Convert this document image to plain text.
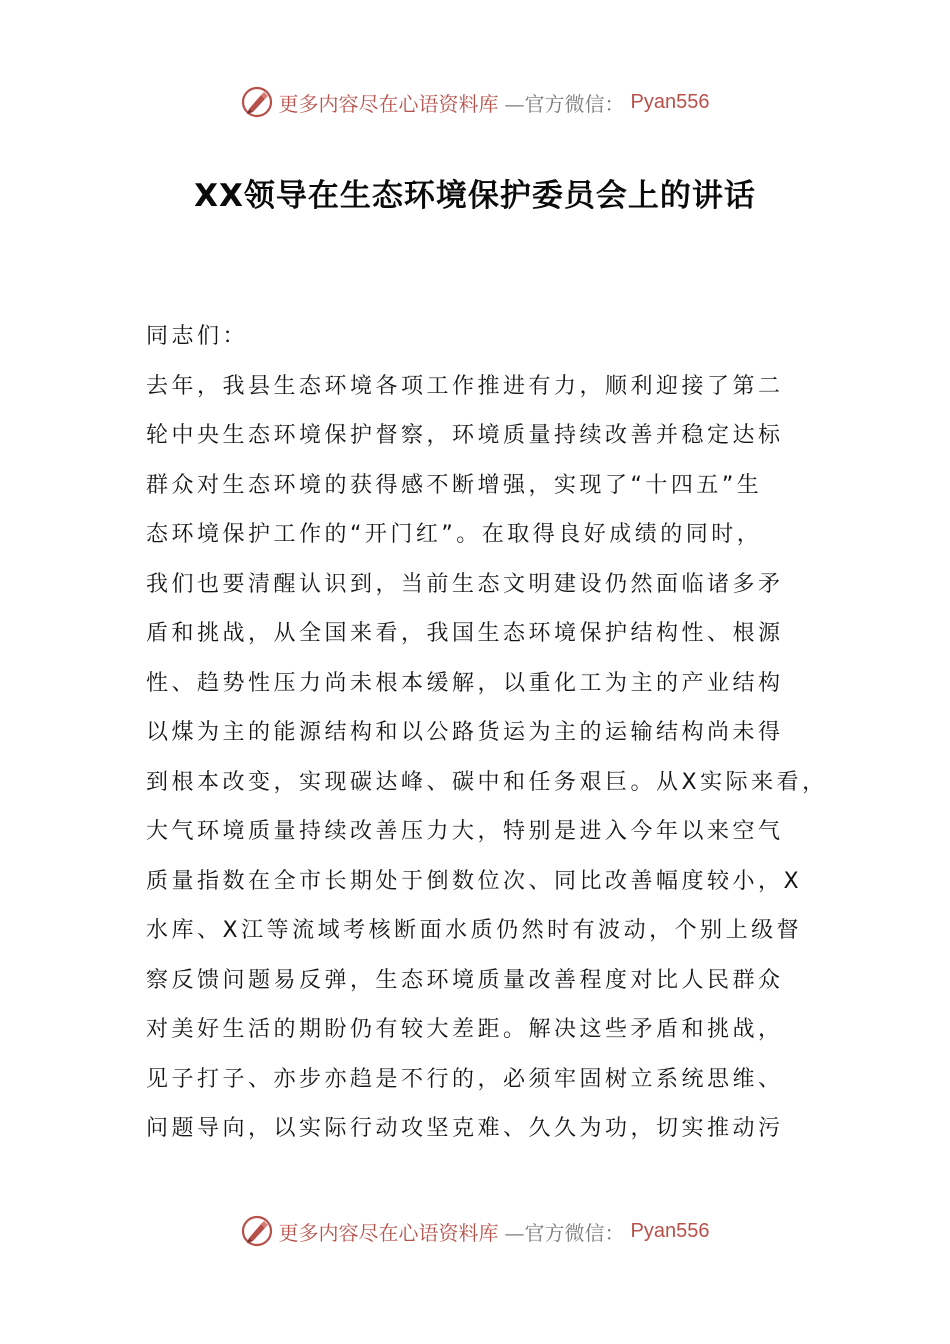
更多内容尽在心语资料库 —官方微信： Pyan556
XX领导在生态环境保护委员会上的讲话
同志们：
去年，我县生态环境各项工作推进有力，顺利迎接了第二
轮中央生态环境保护督察，环境质量持续改善并稳定达标
群众对生态环境的获得感不断增强，实现了“十四五”生
态环境保护工作的“开门红”。在取得良好成绩的同时，
我们也要清醒认识到，当前生态文明建设仍然面临诸多矛
盾和挑战，从全国来看，我国生态环境保护结构性、根源
性、趋势性压力尚未根本缓解，以重化工为主的产业结构
以煤为主的能源结构和以公路货运为主的运输结构尚未得
到根本改变，实现碳达峰、碳中和任务艰巨。从X实际来看，
大气环境质量持续改善压力大，特别是进入今年以来空气
质量指数在全市长期处于倒数位次、同比改善幅度较小，X
水库、X江等流域考核断面水质仍然时有波动，个别上级督
察反馈问题易反弹，生态环境质量改善程度对比人民群众
对美好生活的期盼仍有较大差距。解决这些矛盾和挑战，
见子打子、亦步亦趋是不行的，必须牢固树立系统思维、
问题导向，以实际行动攻坚克难、久久为功，切实推动污
更多内容尽在心语资料库 —官方微信： Pyan556
